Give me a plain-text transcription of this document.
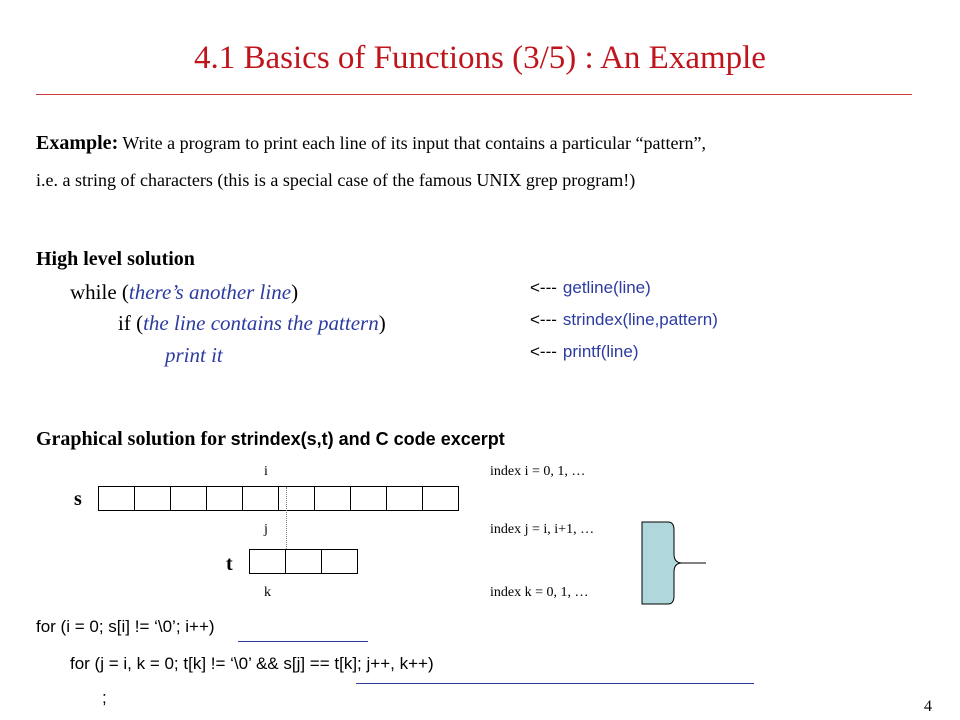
4.1 Basics of Functions (3/5) : An Example
Example: Write a program to print each line of its input that contains a particular “pattern”,
i.e. a string of characters (this is a special case of the famous UNIX grep program!)
High level solution
while (there’s another line)
if (the line contains the pattern)
print it
<--- getline(line)
<--- strindex(line,pattern)
<--- printf(line)
Graphical solution for strindex(s,t) and C code excerpt
i	index i = 0, 1, …
s
j	index j = i, i+1, …
t
k	index k = 0, 1, …
for (i = 0; s[i] != ‘\0’; i++)
for (j = i, k = 0; t[k] != ‘\0’ && s[j] == t[k]; j++, k++)
;	4
